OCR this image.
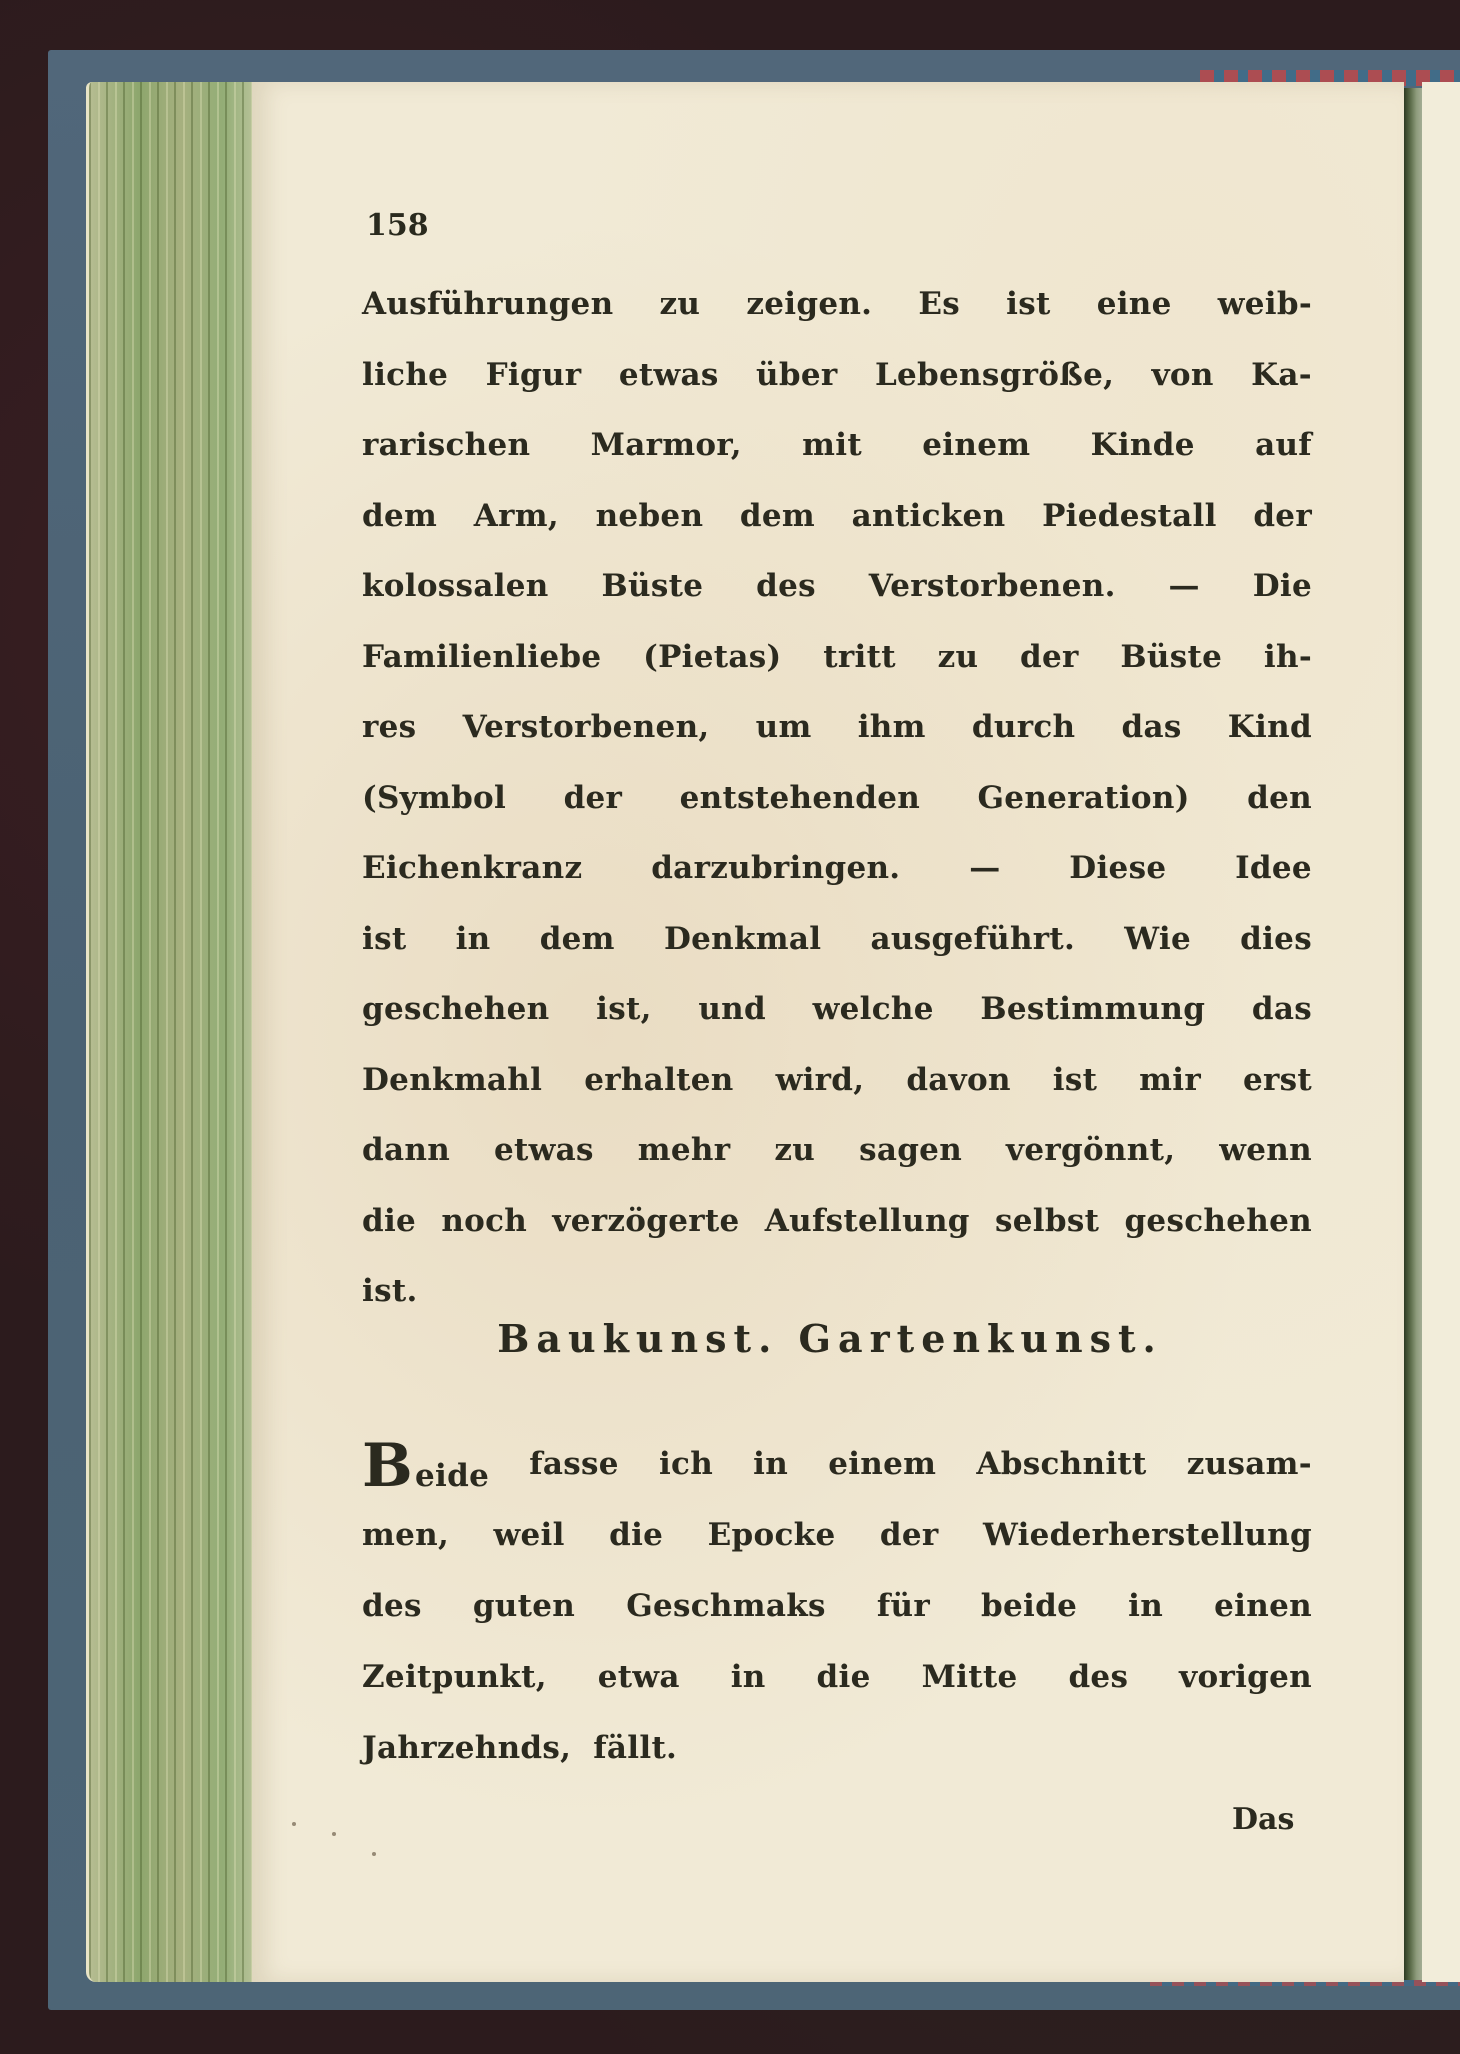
158
Ausführungen zu zeigen. Es ist eine weib-
liche Figur etwas über Lebensgröße, von Ka-
rarischen Marmor, mit einem Kinde auf
dem Arm, neben dem anticken Piedestall der
kolossalen Büste des Verstorbenen. — Die
Familienliebe (Pietas) tritt zu der Büste ih-
res Verstorbenen, um ihm durch das Kind
(Symbol der entstehenden Generation) den
Eichenkranz darzubringen. — Diese Idee
ist in dem Denkmal ausgeführt. Wie dies
geschehen ist, und welche Bestimmung das
Denkmahl erhalten wird, davon ist mir erst
dann etwas mehr zu sagen vergönnt, wenn
die noch verzögerte Aufstellung selbst geschehen
ist.
Baukunst. Gartenkunst.
Beide fasse ich in einem Abschnitt zusam-
men, weil die Epocke der Wiederherstellung
des guten Geschmaks für beide in einen
Zeitpunkt, etwa in die Mitte des vorigen
Jahrzehnds, fällt.
Das
